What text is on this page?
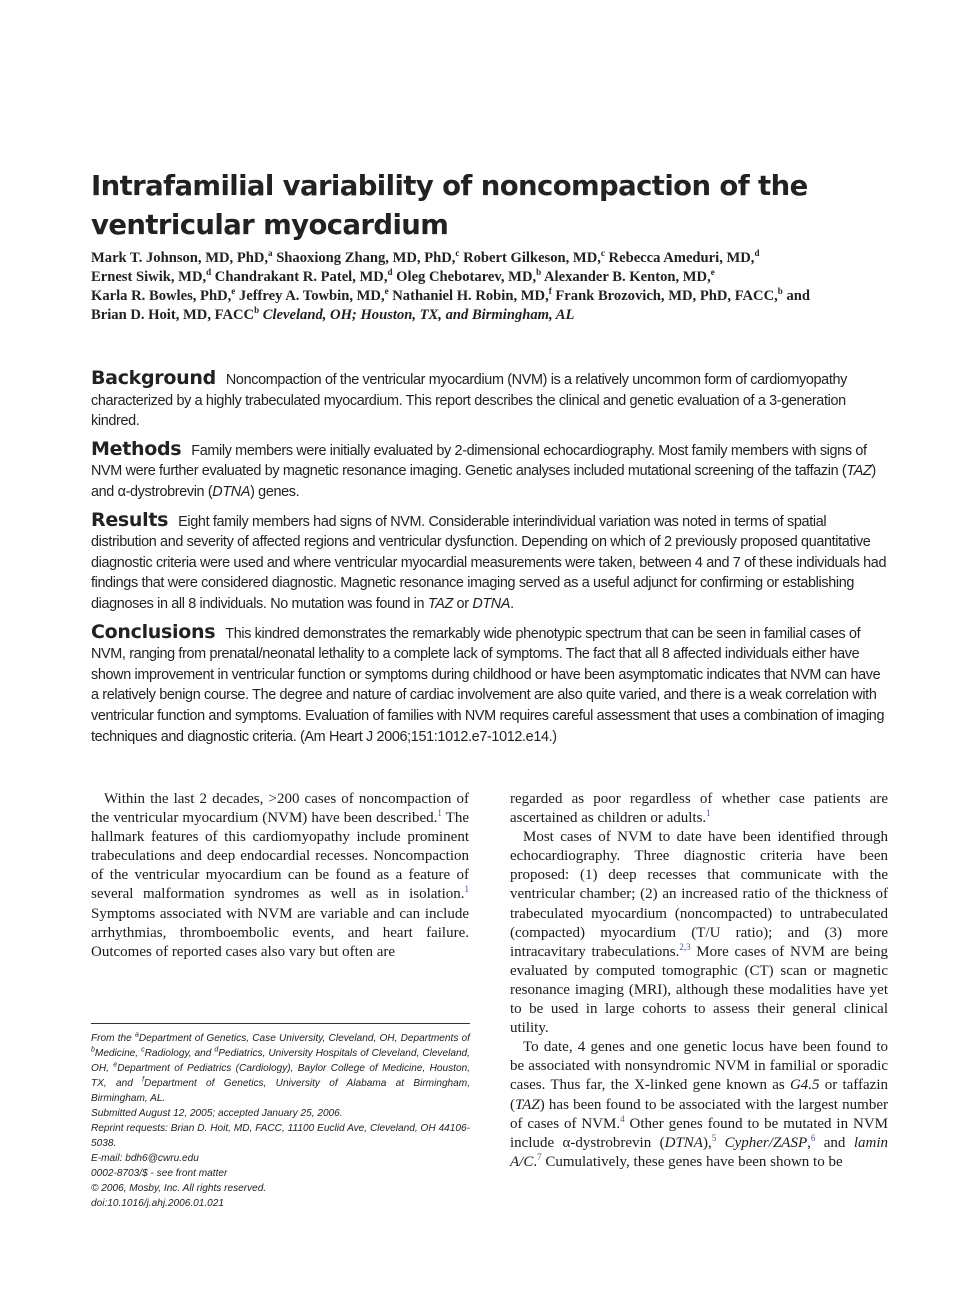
Intrafamilial variability of noncompaction of the ventricular myocardium
Mark T. Johnson, MD, PhD,$^a$ Shaoxiong Zhang, MD, PhD,$^c$ Robert Gilkeson, MD,$^c$ Rebecca Ameduri, MD,$^d$
Ernest Siwik, MD,$^d$ Chandrakant R. Patel, MD,$^d$ Oleg Chebotarev, MD,$^b$ Alexander B. Kenton, MD,$^e$
Karla R. Bowles, PhD,$^e$ Jeffrey A. Towbin, MD,$^e$ Nathaniel H. Robin, MD,$^f$ Frank Brozovich, MD, PhD, FACC,$^b$ and
Brian D. Hoit, MD, FACC$^b$ Cleveland, OH; Houston, TX, and Birmingham, AL

Background Noncompaction of the ventricular myocardium (NVM) is a relatively uncommon form of cardiomyopathy characterized by a highly trabeculated myocardium. This report describes the clinical and genetic evaluation of a 3-generation kindred.

Methods Family members were initially evaluated by 2-dimensional echocardiography. Most family members with signs of NVM were further evaluated by magnetic resonance imaging. Genetic analyses included mutational screening of the taffazin (TAZ) and α-dystrobrevin (DTNA) genes.

Results Eight family members had signs of NVM. Considerable interindividual variation was noted in terms of spatial distribution and severity of affected regions and ventricular dysfunction. Depending on which of 2 previously proposed quantitative diagnostic criteria were used and where ventricular myocardial measurements were taken, between 4 and 7 of these individuals had findings that were considered diagnostic. Magnetic resonance imaging served as a useful adjunct for confirming or establishing diagnoses in all 8 individuals. No mutation was found in TAZ or DTNA.

Conclusions This kindred demonstrates the remarkably wide phenotypic spectrum that can be seen in familial cases of NVM, ranging from prenatal/neonatal lethality to a complete lack of symptoms. The fact that all 8 affected individuals either have shown improvement in ventricular function or symptoms during childhood or have been asymptomatic indicates that NVM can have a relatively benign course. The degree and nature of cardiac involvement are also quite varied, and there is a weak correlation with ventricular function and symptoms. Evaluation of families with NVM requires careful assessment that uses a combination of imaging techniques and diagnostic criteria. (Am Heart J 2006;151:1012.e7-1012.e14.)

Within the last 2 decades, >200 cases of noncompaction of the ventricular myocardium (NVM) have been described.$^1$ The hallmark features of this cardiomyopathy include prominent trabeculations and deep endocardial recesses. Noncompaction of the ventricular myocardium can be found as a feature of several malformation syndromes as well as in isolation.$^1$ Symptoms associated with NVM are variable and can include arrhythmias, thromboembolic events, and heart failure. Outcomes of reported cases also vary but often are

From the $^a$Department of Genetics, Case University, Cleveland, OH, Departments of $^b$Medicine, $^c$Radiology, and $^d$Pediatrics, University Hospitals of Cleveland, Cleveland, OH, $^e$Department of Pediatrics (Cardiology), Baylor College of Medicine, Houston, TX, and $^f$Department of Genetics, University of Alabama at Birmingham, Birmingham, AL.
Submitted August 12, 2005; accepted January 25, 2006.
Reprint requests: Brian D. Hoit, MD, FACC, 11100 Euclid Ave, Cleveland, OH 44106-5038.
E-mail: bdh6@cwru.edu
0002-8703/$ - see front matter
© 2006, Mosby, Inc. All rights reserved.
doi:10.1016/j.ahj.2006.01.021

regarded as poor regardless of whether case patients are ascertained as children or adults.$^1$

Most cases of NVM to date have been identified through echocardiography. Three diagnostic criteria have been proposed: (1) deep recesses that communicate with the ventricular chamber; (2) an increased ratio of the thickness of trabeculated myocardium (noncompacted) to untrabeculated (compacted) myocardium (T/U ratio); and (3) more intracavitary trabeculations.$^{2,3}$ More cases of NVM are being evaluated by computed tomographic (CT) scan or magnetic resonance imaging (MRI), although these modalities have yet to be used in large cohorts to assess their general clinical utility.

To date, 4 genes and one genetic locus have been found to be associated with nonsyndromic NVM in familial or sporadic cases. Thus far, the X-linked gene known as G4.5 or taffazin (TAZ) has been found to be associated with the largest number of cases of NVM.$^4$ Other genes found to be mutated in NVM include α-dystrobrevin (DTNA),$^5$ Cypher/ZASP,$^6$ and lamin A/C.$^7$ Cumulatively, these genes have been shown to be
